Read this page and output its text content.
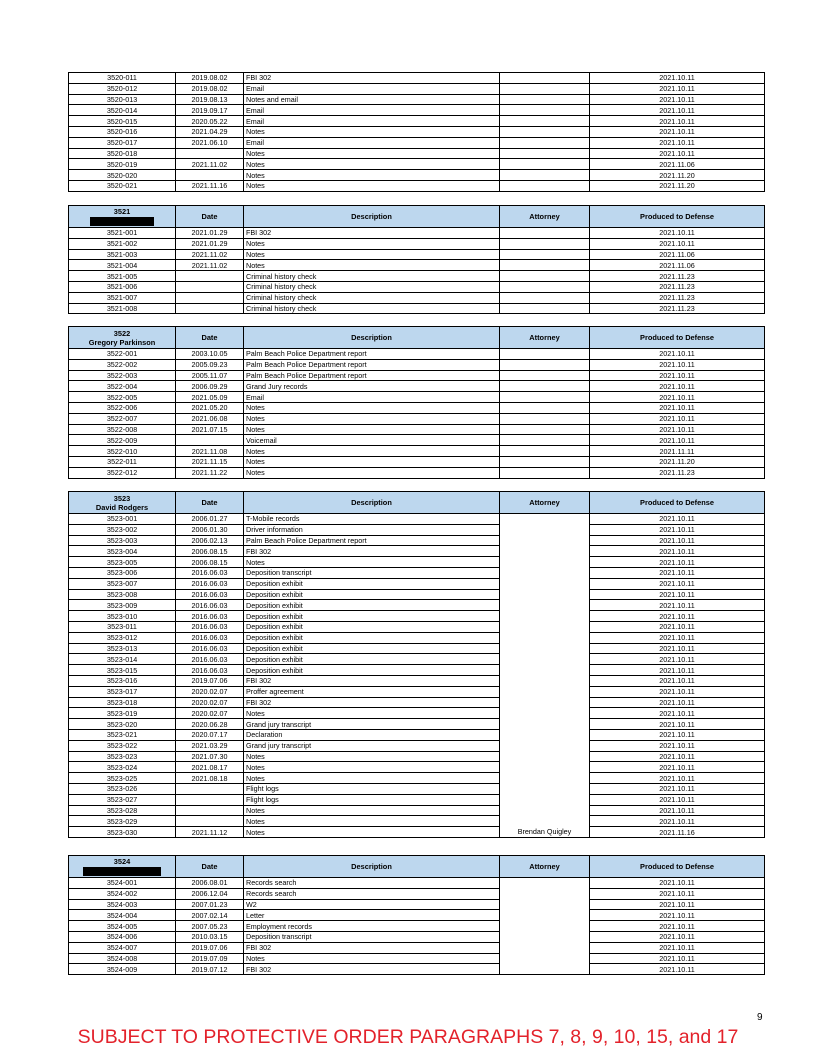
3520-011	2019.08.02	FBI 302		2021.10.11
3520-012	2019.08.02	Email		2021.10.11
3520-013	2019.08.13	Notes and email		2021.10.11
3520-014	2019.09.17	Email		2021.10.11
3520-015	2020.05.22	Email		2021.10.11
3520-016	2021.04.29	Notes		2021.10.11
3520-017	2021.06.10	Email		2021.10.11
3520-018		Notes		2021.10.11
3520-019	2021.11.02	Notes		2021.11.06
3520-020		Notes		2021.11.20
3520-021	2021.11.16	Notes		2021.11.20
3521	Date	Description	Attorney	Produced to Defense
3521-001	2021.01.29	FBI 302		2021.10.11
3521-002	2021.01.29	Notes		2021.10.11
3521-003	2021.11.02	Notes		2021.11.06
3521-004	2021.11.02	Notes		2021.11.06
3521-005		Criminal history check		2021.11.23
3521-006		Criminal history check		2021.11.23
3521-007		Criminal history check		2021.11.23
3521-008		Criminal history check		2021.11.23
3522
Gregory Parkinson	Date	Description	Attorney	Produced to Defense
3522-001	2003.10.05	Palm Beach Police Department report		2021.10.11
3522-002	2005.09.23	Palm Beach Police Department report		2021.10.11
3522-003	2005.11.07	Palm Beach Police Department report		2021.10.11
3522-004	2006.09.29	Grand Jury records		2021.10.11
3522-005	2021.05.09	Email		2021.10.11
3522-006	2021.05.20	Notes		2021.10.11
3522-007	2021.06.08	Notes		2021.10.11
3522-008	2021.07.15	Notes		2021.10.11
3522-009		Voicemail		2021.10.11
3522-010	2021.11.08	Notes		2021.11.11
3522-011	2021.11.15	Notes		2021.11.20
3522-012	2021.11.22	Notes		2021.11.23
3523
David Rodgers	Date	Description	Attorney	Produced to Defense
3523-001	2006.01.27	T-Mobile records		2021.10.11
3523-002	2006.01.30	Driver information		2021.10.11
3523-003	2006.02.13	Palm Beach Police Department report		2021.10.11
3523-004	2006.08.15	FBI 302		2021.10.11
3523-005	2006.08.15	Notes		2021.10.11
3523-006	2016.06.03	Deposition transcript		2021.10.11
3523-007	2016.06.03	Deposition exhibit		2021.10.11
3523-008	2016.06.03	Deposition exhibit		2021.10.11
3523-009	2016.06.03	Deposition exhibit		2021.10.11
3523-010	2016.06.03	Deposition exhibit		2021.10.11
3523-011	2016.06.03	Deposition exhibit		2021.10.11
3523-012	2016.06.03	Deposition exhibit		2021.10.11
3523-013	2016.06.03	Deposition exhibit		2021.10.11
3523-014	2016.06.03	Deposition exhibit		2021.10.11
3523-015	2016.06.03	Deposition exhibit		2021.10.11
3523-016	2019.07.06	FBI 302		2021.10.11
3523-017	2020.02.07	Proffer agreement		2021.10.11
3523-018	2020.02.07	FBI 302		2021.10.11
3523-019	2020.02.07	Notes		2021.10.11
3523-020	2020.06.28	Grand jury transcript		2021.10.11
3523-021	2020.07.17	Declaration		2021.10.11
3523-022	2021.03.29	Grand jury transcript		2021.10.11
3523-023	2021.07.30	Notes		2021.10.11
3523-024	2021.08.17	Notes		2021.10.11
3523-025	2021.08.18	Notes		2021.10.11
3523-026		Flight logs		2021.10.11
3523-027		Flight logs		2021.10.11
3523-028		Notes		2021.10.11
3523-029		Notes		2021.10.11
3523-030	2021.11.12	Notes	Brendan Quigley	2021.11.16
3524	Date	Description	Attorney	Produced to Defense
3524-001	2006.08.01	Records search		2021.10.11
3524-002	2006.12.04	Records search		2021.10.11
3524-003	2007.01.23	W2		2021.10.11
3524-004	2007.02.14	Letter		2021.10.11
3524-005	2007.05.23	Employment records		2021.10.11
3524-006	2010.03.15	Deposition transcript		2021.10.11
3524-007	2019.07.06	FBI 302		2021.10.11
3524-008	2019.07.09	Notes		2021.10.11
3524-009	2019.07.12	FBI 302		2021.10.11
9
SUBJECT TO PROTECTIVE ORDER PARAGRAPHS 7, 8, 9, 10, 15, and 17
